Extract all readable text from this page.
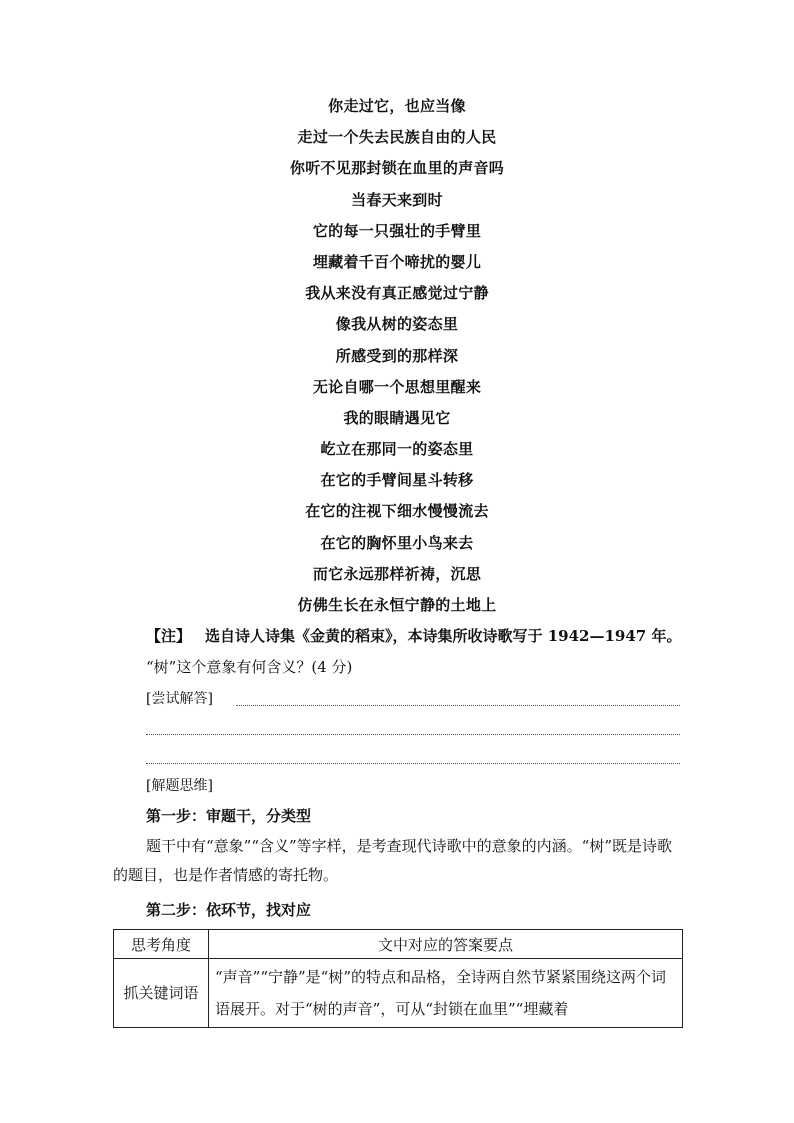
你走过它，也应当像
走过一个失去民族自由的人民
你听不见那封锁在血里的声音吗
当春天来到时
它的每一只强壮的手臂里
埋藏着千百个啼扰的婴儿
我从来没有真正感觉过宁静
像我从树的姿态里
所感受到的那样深
无论自哪一个思想里醒来
我的眼睛遇见它
屹立在那同一的姿态里
在它的手臂间星斗转移
在它的注视下细水慢慢流去
在它的胸怀里小鸟来去
而它永远那样祈祷，沉思
仿佛生长在永恒宁静的土地上
【注】 选自诗人诗集《金黄的稻束》，本诗集所收诗歌写于 1942—1947 年。
“树”这个意象有何含义？(4 分)
[尝试解答]
[解题思维]
第一步：审题干，分类型
题干中有“意象”“含义”等字样，是考查现代诗歌中的意象的内涵。“树”既是诗歌的题目，也是作者情感的寄托物。
第二步：依环节，找对应
思考角度	文中对应的答案要点
抓关键词语	“声音”“宁静”是“树”的特点和品格，全诗两自然节紧紧围绕这两个词语展开。对于“树的声音”，可从“封锁在血里”“埋藏着
